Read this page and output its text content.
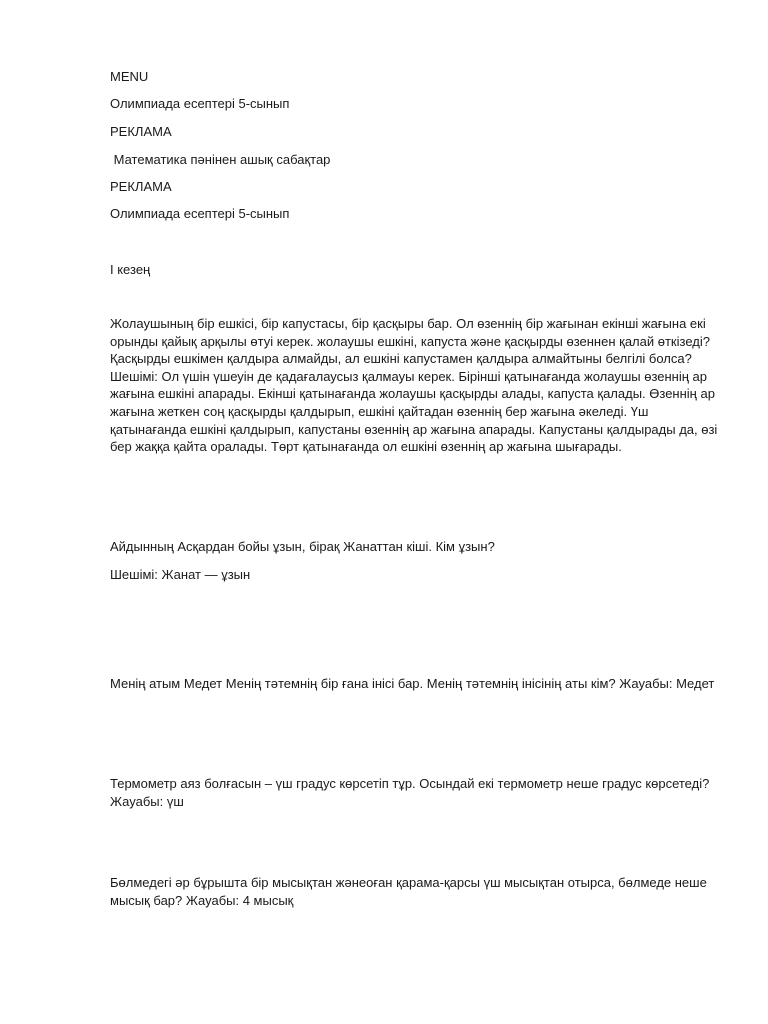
MENU

Олимпиада есептері 5-сынып

РЕКЛАМА

Математика пәнінен ашық сабақтар

РЕКЛАМА

Олимпиада есептері 5-сынып

І кезең

Жолаушының бір ешкісі, бір капустасы, бір қасқыры бар. Ол өзеннің бір жағынан екінші жағына екі орынды қайық арқылы өтуі керек. жолаушы ешкіні, капуста және қасқырды өзеннен қалай өткізеді? Қасқырды ешкімен қалдыра алмайды, ал ешкіні капустамен қалдыра алмайтыны белгілі болса? Шешімі: Ол үшін үшеуін де қадағалаусыз қалмауы керек. Бірінші қатынағанда жолаушы өзеннің ар жағына ешкіні апарады. Екінші қатынағанда жолаушы қасқырды алады, капуста қалады. Өзеннің ар жағына жеткен соң қасқырды қалдырып, ешкіні қайтадан өзеннің бер жағына әкеледі. Үш қатынағанда ешкіні қалдырып, капустаны өзеннің ар жағына апарады. Капустаны қалдырады да, өзі бер жаққа қайта оралады. Төрт қатынағанда ол ешкіні өзеннің ар жағына шығарады.

Айдынның Асқардан бойы ұзын, бірақ Жанаттан кіші. Кім ұзын?

Шешімі: Жанат — ұзын

Менің атым Медет Менің тәтемнің бір ғана інісі бар. Менің тәтемнің інісінің аты кім? Жауабы: Медет

Термометр аяз болғасын – үш градус көрсетіп тұр. Осындай екі термометр неше градус көрсетеді? Жауабы: үш

Бөлмедегі әр бұрышта бір мысықтан жәнеоған қарама-қарсы үш мысықтан отырса, бөлмеде неше мысық бар? Жауабы: 4 мысық
